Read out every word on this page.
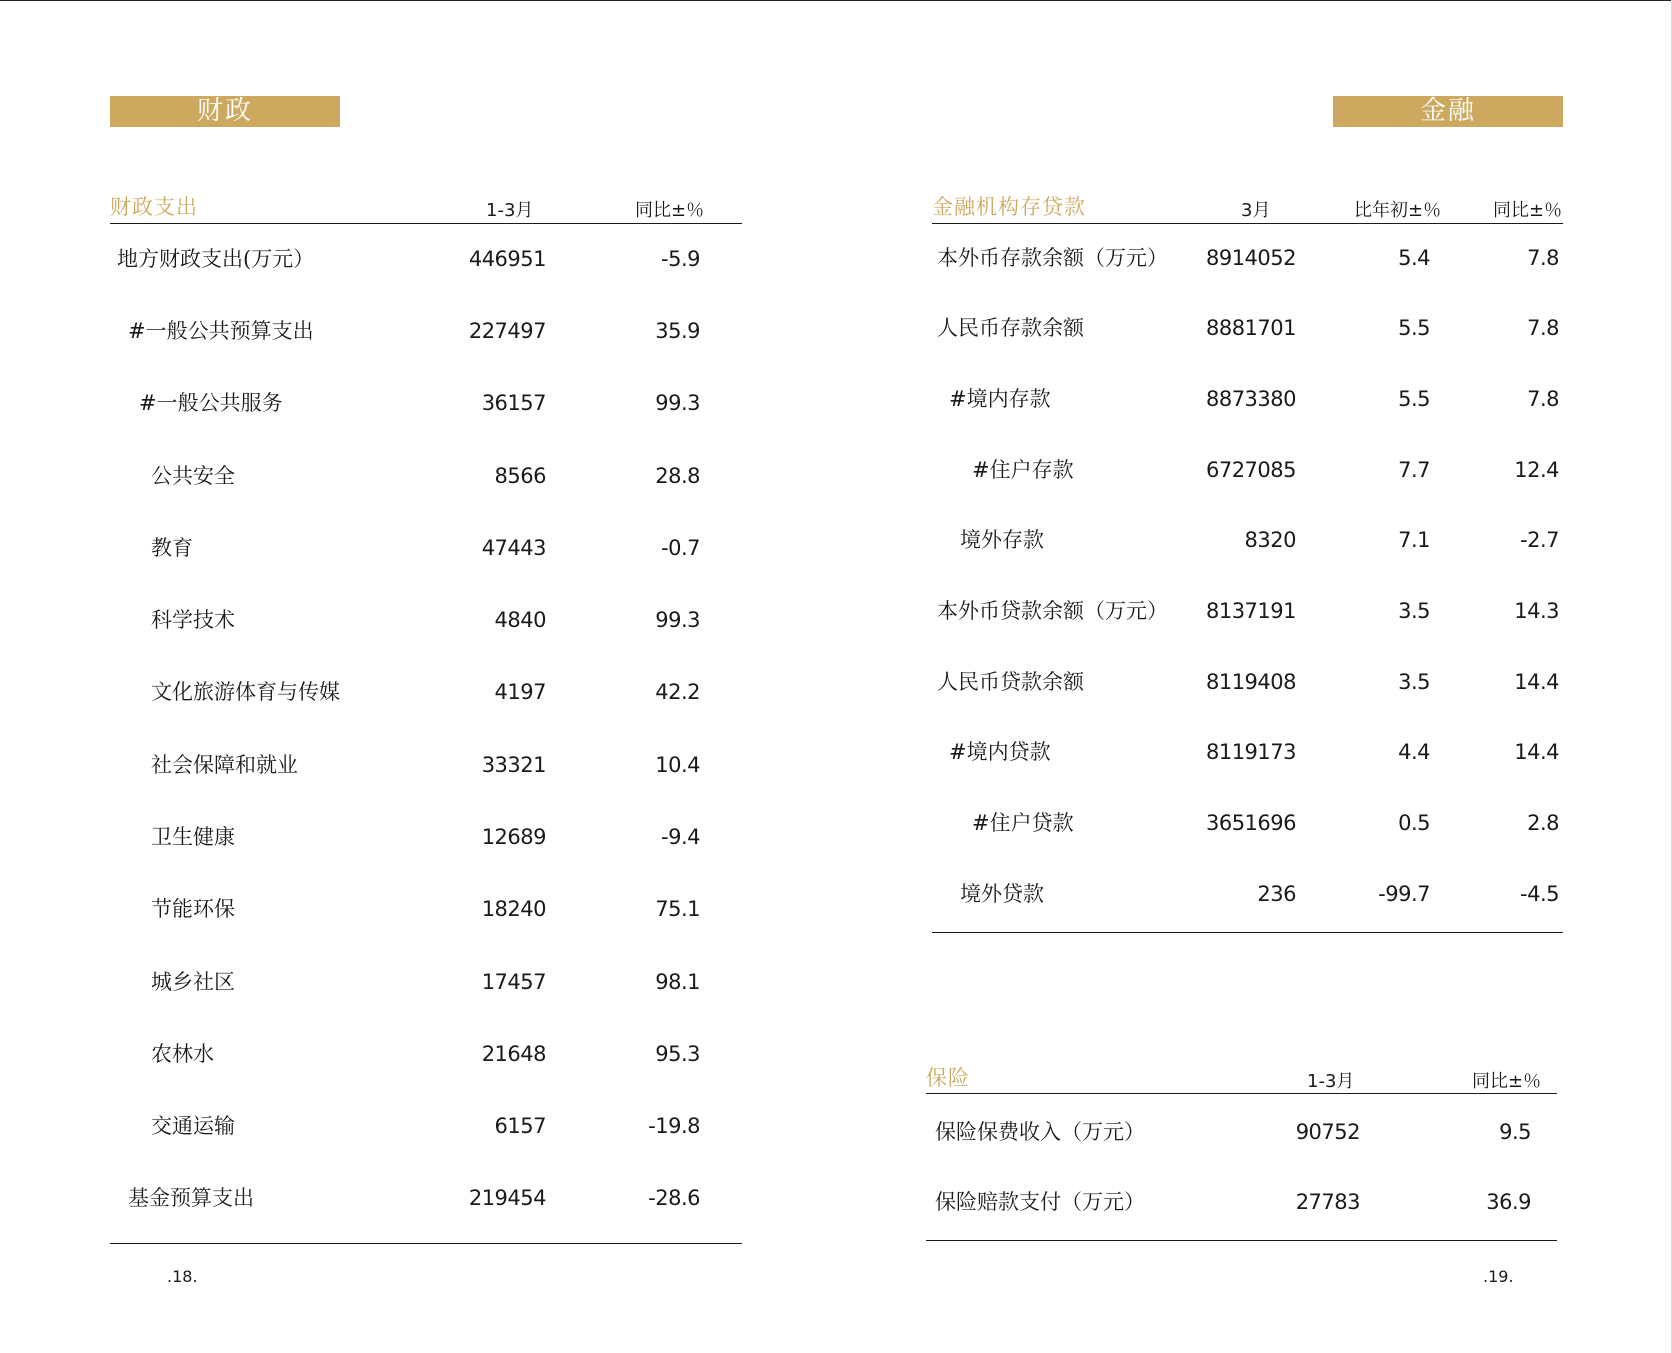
财政
财政支出	1-3月	同比±％
地方财政支出(万元）	446951	-5.9
#一般公共预算支出	227497	35.9
#一般公共服务	36157	99.3
公共安全	8566	28.8
教育	47443	-0.7
科学技术	4840	99.3
文化旅游体育与传媒	4197	42.2
社会保障和就业	33321	10.4
卫生健康	12689	-9.4
节能环保	18240	75.1
城乡社区	17457	98.1
农林水	21648	95.3
交通运输	6157	-19.8
基金预算支出	219454	-28.6
.18.
金融
金融机构存贷款	3月	比年初±％	同比±％
本外币存款余额（万元） 8914052	5.4	7.8
人民币存款余额	8881701	5.5	7.8
#境内存款	8873380	5.5	7.8
#住户存款	6727085	7.7	12.4
境外存款	8320	7.1	-2.7
本外币贷款余额（万元） 8137191	3.5	14.3
人民币贷款余额	8119408	3.5	14.4
#境内贷款	8119173	4.4	14.4
#住户贷款	3651696	0.5	2.8
境外贷款	236	-99.7	-4.5
保险	1-3月	同比±％
保险保费收入（万元）	90752	9.5
保险赔款支付（万元）	27783	36.9
.19.
